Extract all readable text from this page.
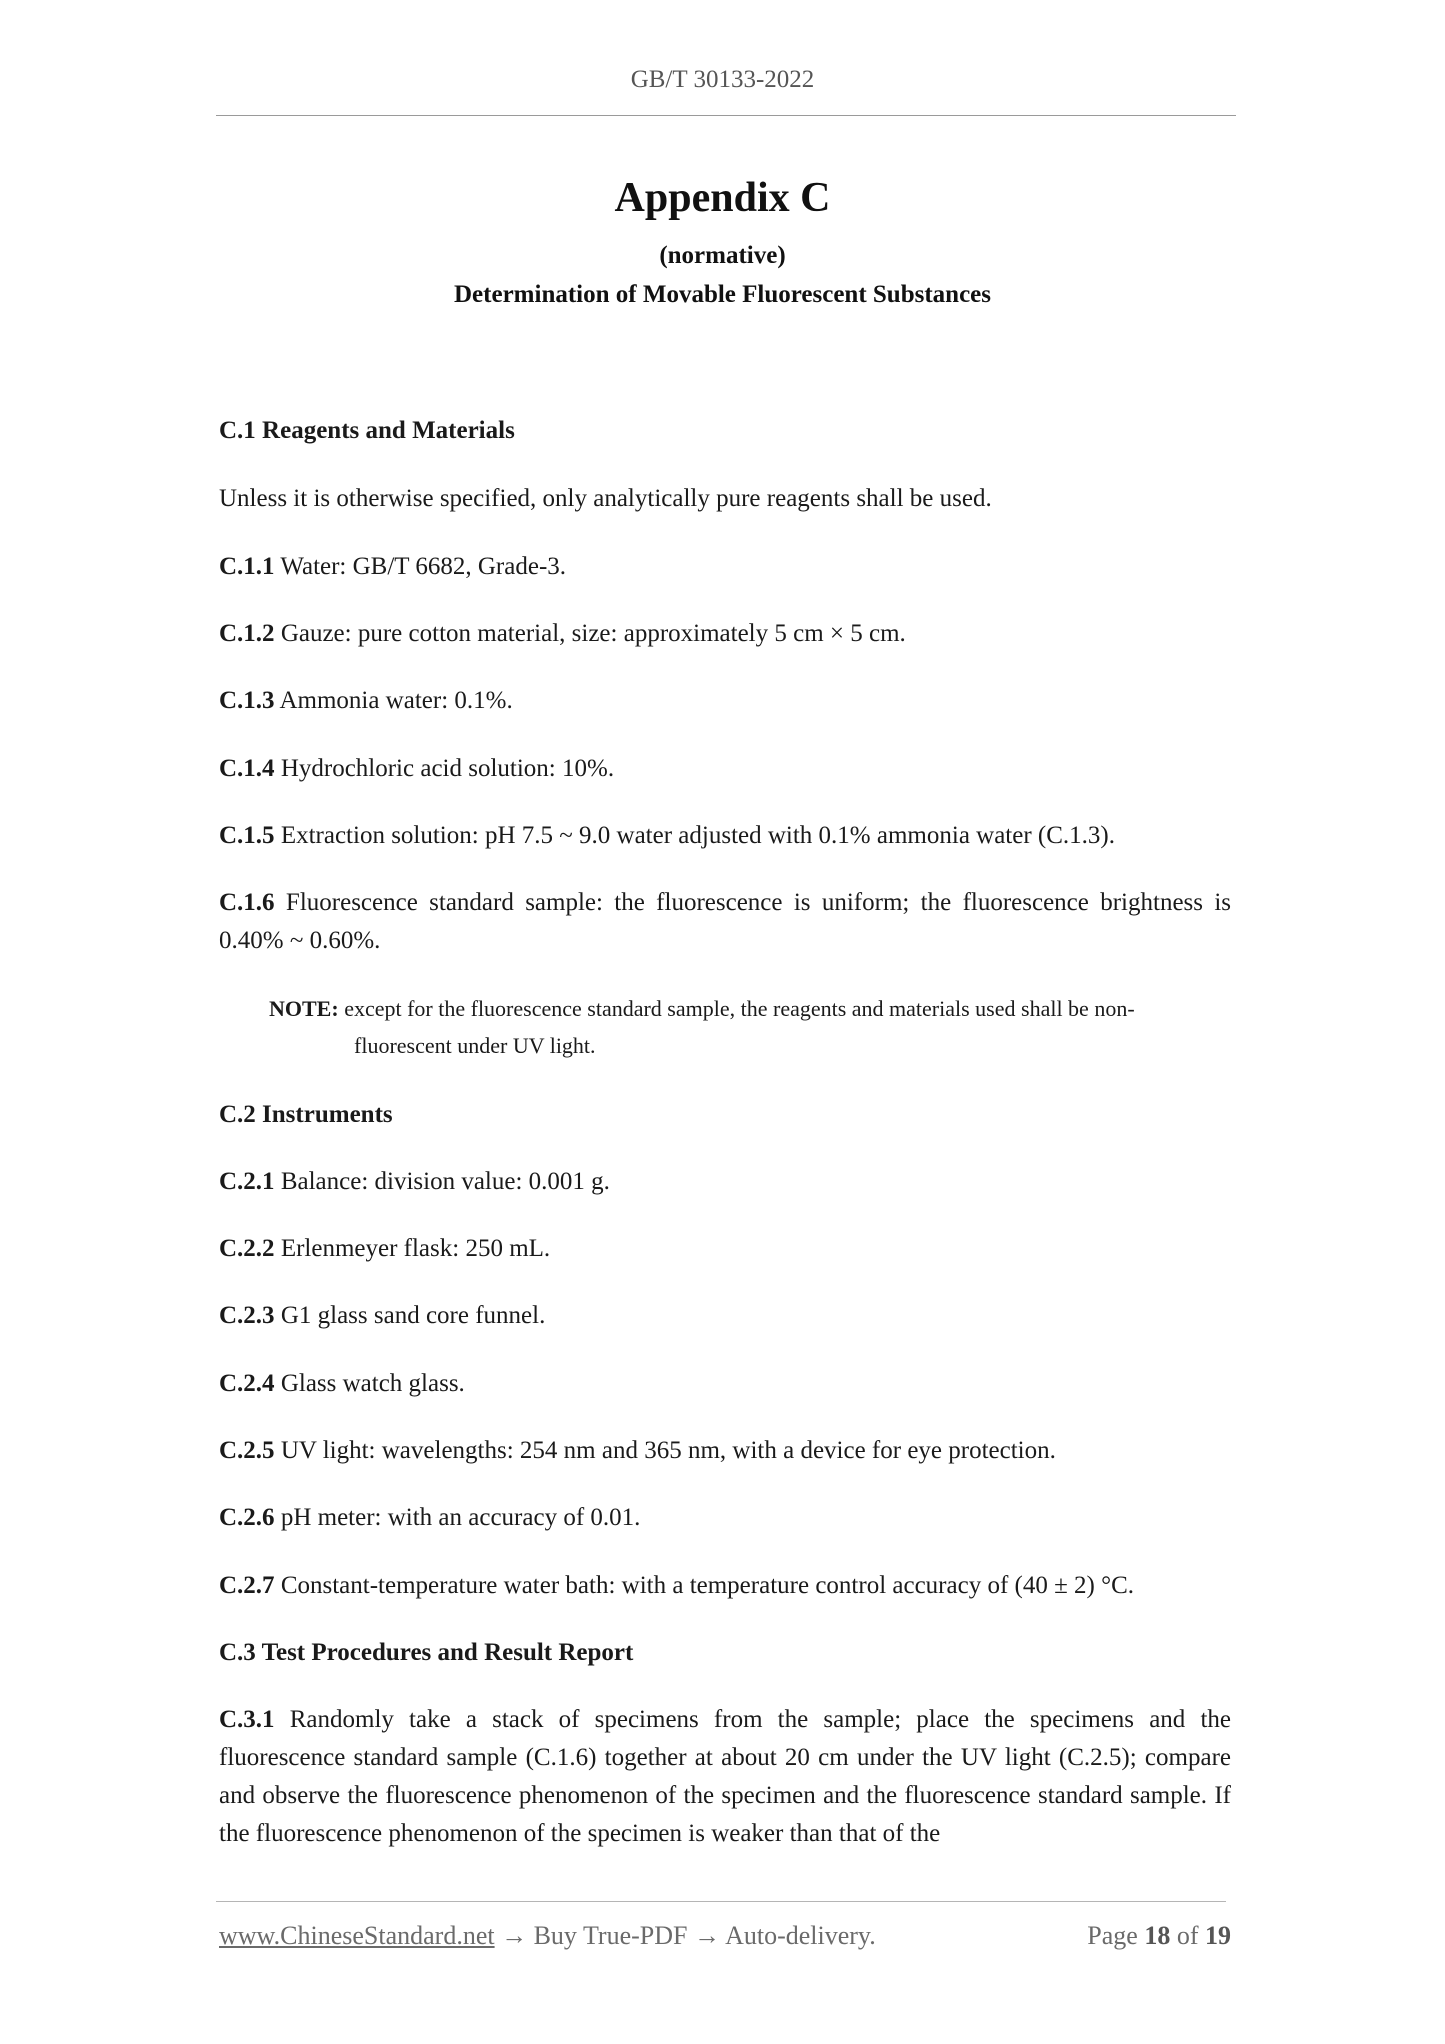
GB/T 30133-2022
Appendix C
(normative)
Determination of Movable Fluorescent Substances
C.1 Reagents and Materials
Unless it is otherwise specified, only analytically pure reagents shall be used.
C.1.1 Water: GB/T 6682, Grade-3.
C.1.2 Gauze: pure cotton material, size: approximately 5 cm × 5 cm.
C.1.3 Ammonia water: 0.1%.
C.1.4 Hydrochloric acid solution: 10%.
C.1.5 Extraction solution: pH 7.5 ~ 9.0 water adjusted with 0.1% ammonia water (C.1.3).
C.1.6 Fluorescence standard sample: the fluorescence is uniform; the fluorescence brightness is 0.40% ~ 0.60%.
NOTE: except for the fluorescence standard sample, the reagents and materials used shall be non-
fluorescent under UV light.
C.2 Instruments
C.2.1 Balance: division value: 0.001 g.
C.2.2 Erlenmeyer flask: 250 mL.
C.2.3 G1 glass sand core funnel.
C.2.4 Glass watch glass.
C.2.5 UV light: wavelengths: 254 nm and 365 nm, with a device for eye protection.
C.2.6 pH meter: with an accuracy of 0.01.
C.2.7 Constant-temperature water bath: with a temperature control accuracy of (40 ± 2) °C.
C.3 Test Procedures and Result Report
C.3.1 Randomly take a stack of specimens from the sample; place the specimens and the fluorescence standard sample (C.1.6) together at about 20 cm under the UV light (C.2.5); compare and observe the fluorescence phenomenon of the specimen and the fluorescence standard sample. If the fluorescence phenomenon of the specimen is weaker than that of the
www.ChineseStandard.net → Buy True-PDF → Auto-delivery.	Page 18 of 19
